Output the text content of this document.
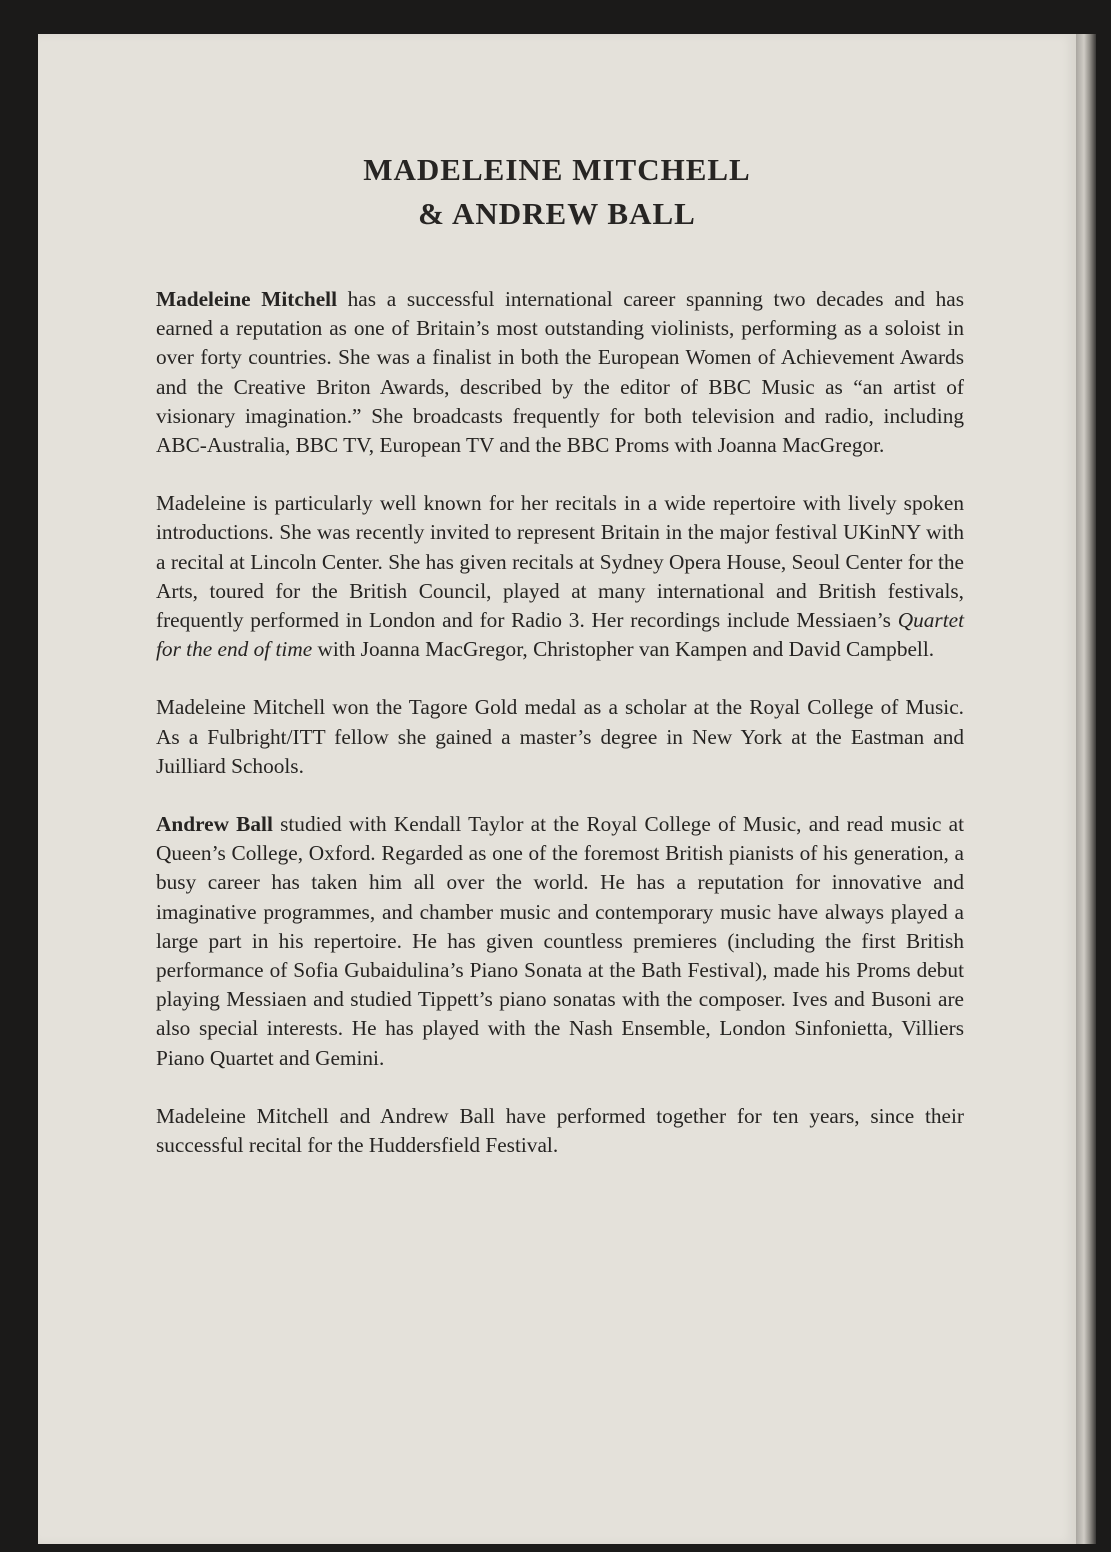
MADELEINE MITCHELL
& ANDREW BALL

Madeleine Mitchell has a successful international career spanning two decades and has earned a reputation as one of Britain’s most outstanding violinists, performing as a soloist in over forty countries. She was a finalist in both the European Women of Achievement Awards and the Creative Briton Awards, described by the editor of BBC Music as “an artist of visionary imagination.” She broadcasts frequently for both television and radio, including ABC-Australia, BBC TV, European TV and the BBC Proms with Joanna MacGregor.

Madeleine is particularly well known for her recitals in a wide repertoire with lively spoken introductions. She was recently invited to represent Britain in the major festival UKinNY with a recital at Lincoln Center. She has given recitals at Sydney Opera House, Seoul Center for the Arts, toured for the British Council, played at many international and British festivals, frequently performed in London and for Radio 3. Her recordings include Messiaen’s Quartet for the end of time with Joanna MacGregor, Christopher van Kampen and David Campbell.

Madeleine Mitchell won the Tagore Gold medal as a scholar at the Royal College of Music. As a Fulbright/ITT fellow she gained a master’s degree in New York at the Eastman and Juilliard Schools.

Andrew Ball studied with Kendall Taylor at the Royal College of Music, and read music at Queen’s College, Oxford. Regarded as one of the foremost British pianists of his generation, a busy career has taken him all over the world. He has a reputation for innovative and imaginative programmes, and chamber music and contemporary music have always played a large part in his repertoire. He has given countless premieres (including the first British performance of Sofia Gubaidulina’s Piano Sonata at the Bath Festival), made his Proms debut playing Messiaen and studied Tippett’s piano sonatas with the composer. Ives and Busoni are also special interests. He has played with the Nash Ensemble, London Sinfonietta, Villiers Piano Quartet and Gemini.

Madeleine Mitchell and Andrew Ball have performed together for ten years, since their successful recital for the Huddersfield Festival.
